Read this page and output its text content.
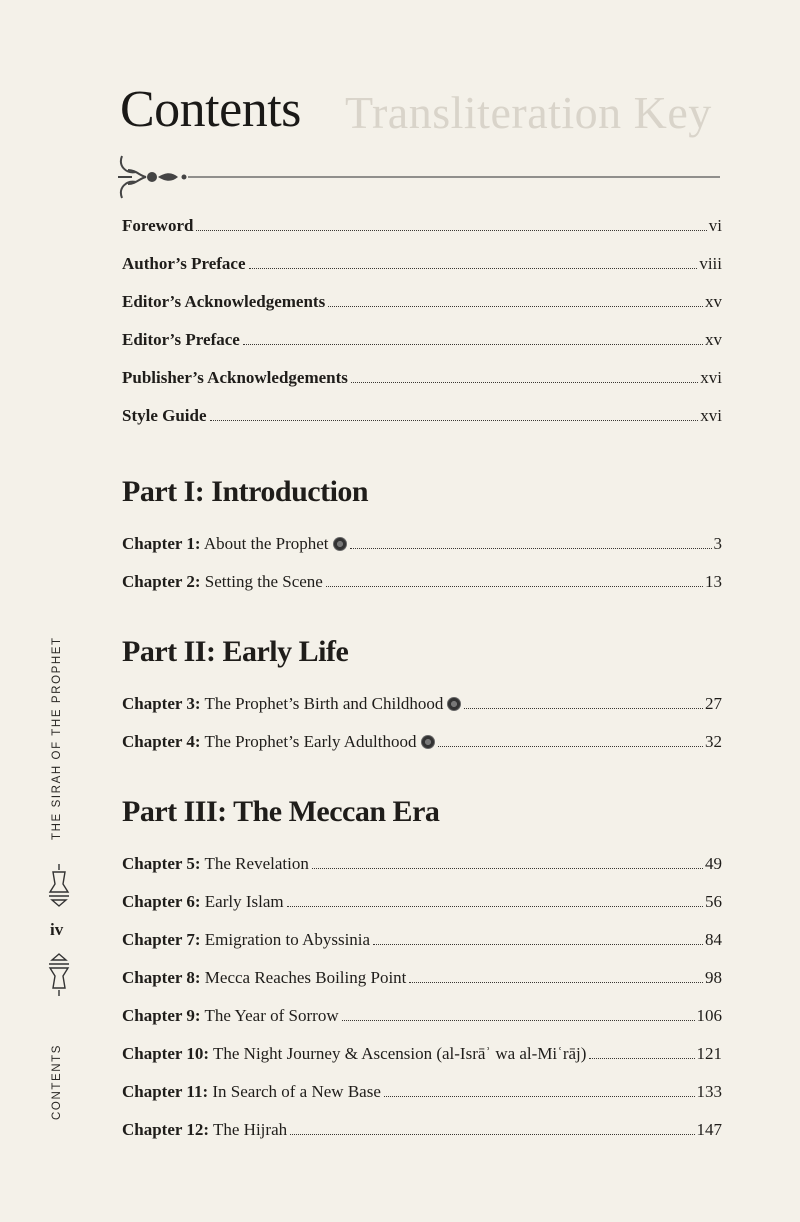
Transliteration Key
Contents
Foreword	vi
Author’s Preface	viii
Editor’s Acknowledgements	xv
Editor’s Preface	xv
Publisher’s Acknowledgements	xvi
Style Guide	xvi
Part I: Introduction
Chapter 1: About the Prophet	3
Chapter 2: Setting the Scene	13
Part II: Early Life
Chapter 3: The Prophet’s Birth and Childhood	27
Chapter 4: The Prophet’s Early Adulthood	32
Part III: The Meccan Era
Chapter 5: The Revelation	49
Chapter 6: Early Islam	56
Chapter 7: Emigration to Abyssinia	84
Chapter 8: Mecca Reaches Boiling Point	98
Chapter 9: The Year of Sorrow	106
Chapter 10: The Night Journey & Ascension (al-Isrāʾ wa al-Miʿrāj)	121
Chapter 11: In Search of a New Base	133
Chapter 12: The Hijrah	147
THE SĪRAH OF THE PROPHET
iv
CONTENTS
